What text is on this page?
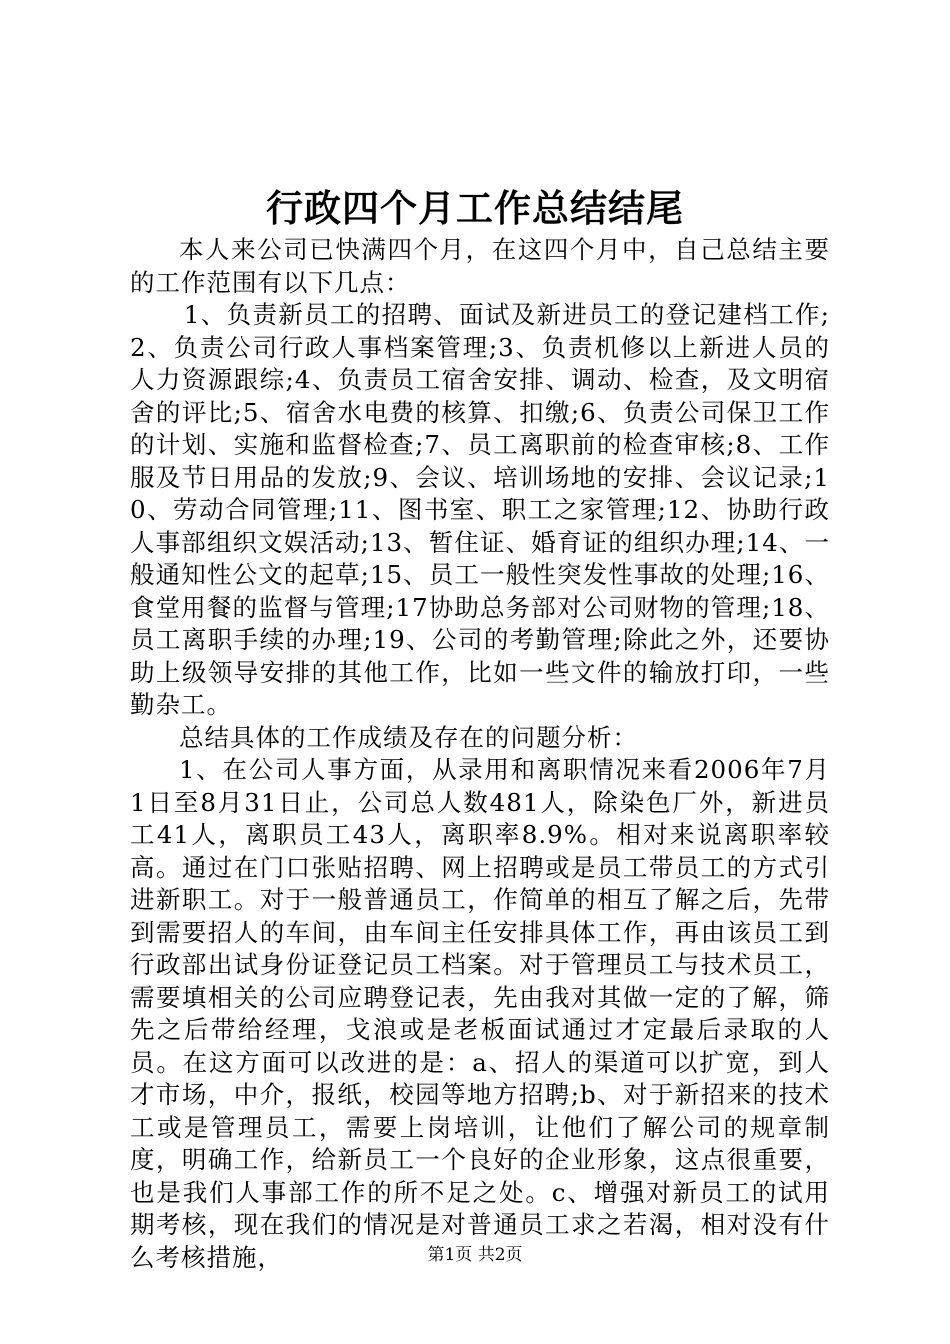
行政四个月工作总结结尾

本人来公司已快满四个月，在这四个月中，自己总结主要的工作范围有以下几点：

1、负责新员工的招聘、面试及新进员工的登记建档工作;2、负责公司行政人事档案管理;3、负责机修以上新进人员的人力资源跟综;4、负责员工宿舍安排、调动、检查，及文明宿舍的评比;5、宿舍水电费的核算、扣缴;6、负责公司保卫工作的计划、实施和监督检查;7、员工离职前的检查审核;8、工作服及节日用品的发放;9、会议、培训场地的安排、会议记录;10、劳动合同管理;11、图书室、职工之家管理;12、协助行政人事部组织文娱活动;13、暂住证、婚育证的组织办理;14、一般通知性公文的起草;15、员工一般性突发性事故的处理;16、食堂用餐的监督与管理;17协助总务部对公司财物的管理;18、员工离职手续的办理;19、公司的考勤管理;除此之外，还要协助上级领导安排的其他工作，比如一些文件的输放打印，一些勤杂工。

总结具体的工作成绩及存在的问题分析：

1、在公司人事方面，从录用和离职情况来看2006年7月1日至8月31日止，公司总人数481人，除染色厂外，新进员工41人，离职员工43人，离职率8.9%。相对来说离职率较高。通过在门口张贴招聘、网上招聘或是员工带员工的方式引进新职工。对于一般普通员工，作简单的相互了解之后，先带到需要招人的车间，由车间主任安排具体工作，再由该员工到行政部出试身份证登记员工档案。对于管理员工与技术员工，需要填相关的公司应聘登记表，先由我对其做一定的了解，筛先之后带给经理，戈浪或是老板面试通过才定最后录取的人员。在这方面可以改进的是：a、招人的渠道可以扩宽，到人才市场，中介，报纸，校园等地方招聘;b、对于新招来的技术工或是管理员工，需要上岗培训，让他们了解公司的规章制度，明确工作，给新员工一个良好的企业形象，这点很重要，也是我们人事部工作的所不足之处。c、增强对新员工的试用期考核，现在我们的情况是对普通员工求之若渴，相对没有什么考核措施，	第1页 共2页
